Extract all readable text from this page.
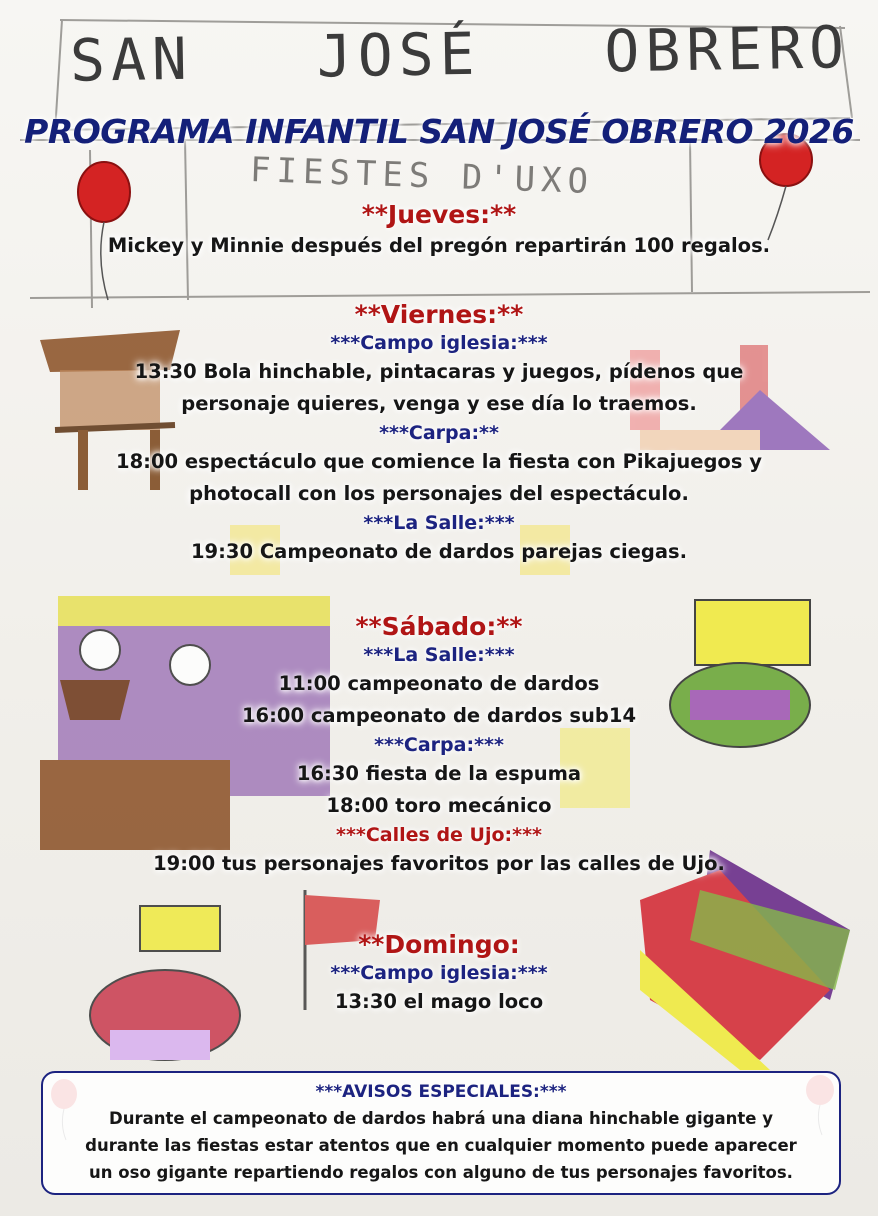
SAN JOSÉ OBRERO
FIESTES D'UXO
PROGRAMA INFANTIL SAN JOSÉ OBRERO 2026
**Jueves:**
Mickey y Minnie después del pregón repartirán 100 regalos.
**Viernes:**
***Campo iglesia:***
13:30 Bola hinchable, pintacaras y juegos, pídenos que
personaje quieres, venga y ese día lo traemos.
***Carpa:**
18:00 espectáculo que comience la fiesta con Pikajuegos y
photocall con los personajes del espectáculo.
***La Salle:***
19:30 Campeonato de dardos parejas ciegas.
**Sábado:**
***La Salle:***
11:00 campeonato de dardos
16:00 campeonato de dardos sub14
***Carpa:***
16:30 fiesta de la espuma
18:00 toro mecánico
***Calles de Ujo:***
19:00 tus personajes favoritos por las calles de Ujo.
**Domingo:
***Campo iglesia:***
13:30 el mago loco
***AVISOS ESPECIALES:***
Durante el campeonato de dardos habrá una diana hinchable gigante y
durante las fiestas estar atentos que en cualquier momento puede aparecer
un oso gigante repartiendo regalos con alguno de tus personajes favoritos.
